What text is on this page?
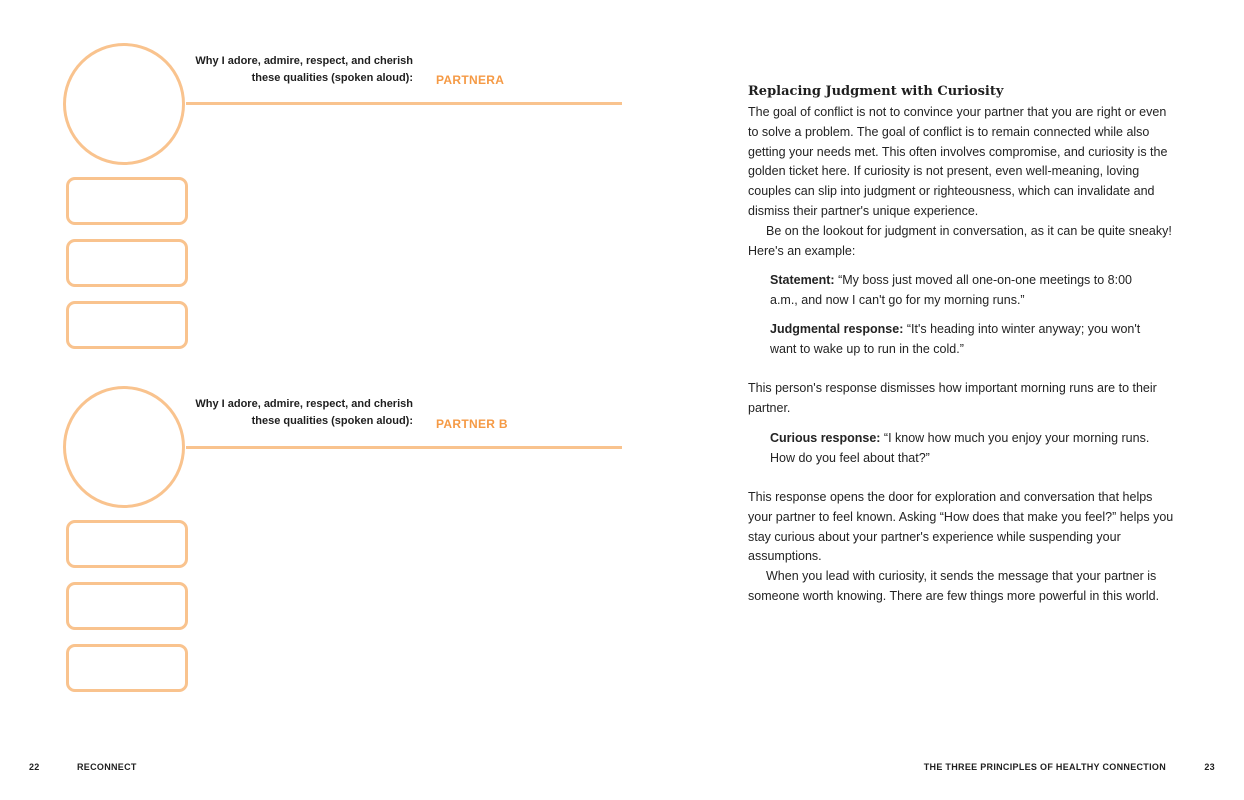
Why I adore, admire, respect, and cherish
these qualities (spoken aloud): PARTNERA
Why I adore, admire, respect, and cherish
these qualities (spoken aloud): PARTNER B
Replacing Judgment with Curiosity

The goal of conflict is not to convince your partner that you are right or even to solve a problem. The goal of conflict is to remain connected while also getting your needs met. This often involves compromise, and curiosity is the golden ticket here. If curiosity is not present, even well-meaning, loving couples can slip into judgment or righteousness, which can invalidate and dismiss their partner's unique experience.

Be on the lookout for judgment in conversation, as it can be quite sneaky! Here's an example:

Statement: “My boss just moved all one-on-one meetings to 8:00 a.m., and now I can't go for my morning runs.”

Judgmental response: “It's heading into winter anyway; you won't want to wake up to run in the cold.”

This person's response dismisses how important morning runs are to their partner.

Curious response: “I know how much you enjoy your morning runs. How do you feel about that?”

This response opens the door for exploration and conversation that helps your partner to feel known. Asking “How does that make you feel?” helps you stay curious about your partner's experience while suspending your assumptions.

When you lead with curiosity, it sends the message that your partner is someone worth knowing. There are few things more powerful in this world.

22	RECONNECT	THE THREE PRINCIPLES OF HEALTHY CONNECTION	23
